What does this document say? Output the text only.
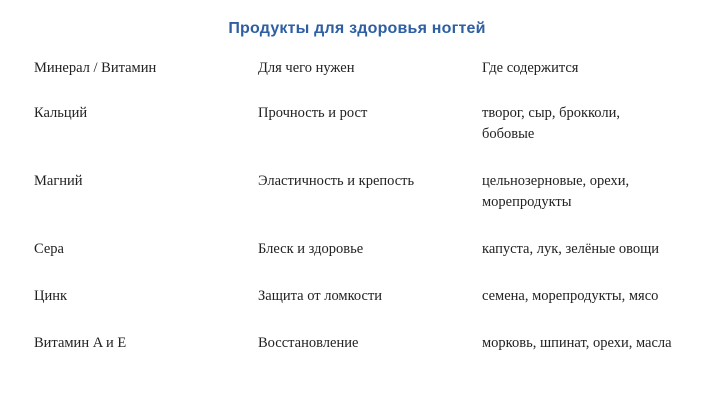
Продукты для здоровья ногтей
Минерал / Витамин	Для чего нужен	Где содержится
Кальций	Прочность и рост	творог, сыр, брокколи, бобовые
Магний	Эластичность и крепость	цельнозерновые, орехи, морепродукты
Сера	Блеск и здоровье	капуста, лук, зелёные овощи
Цинк	Защита от ломкости	семена, морепродукты, мясо
Витамин A и E	Восстановление	морковь, шпинат, орехи, масла
